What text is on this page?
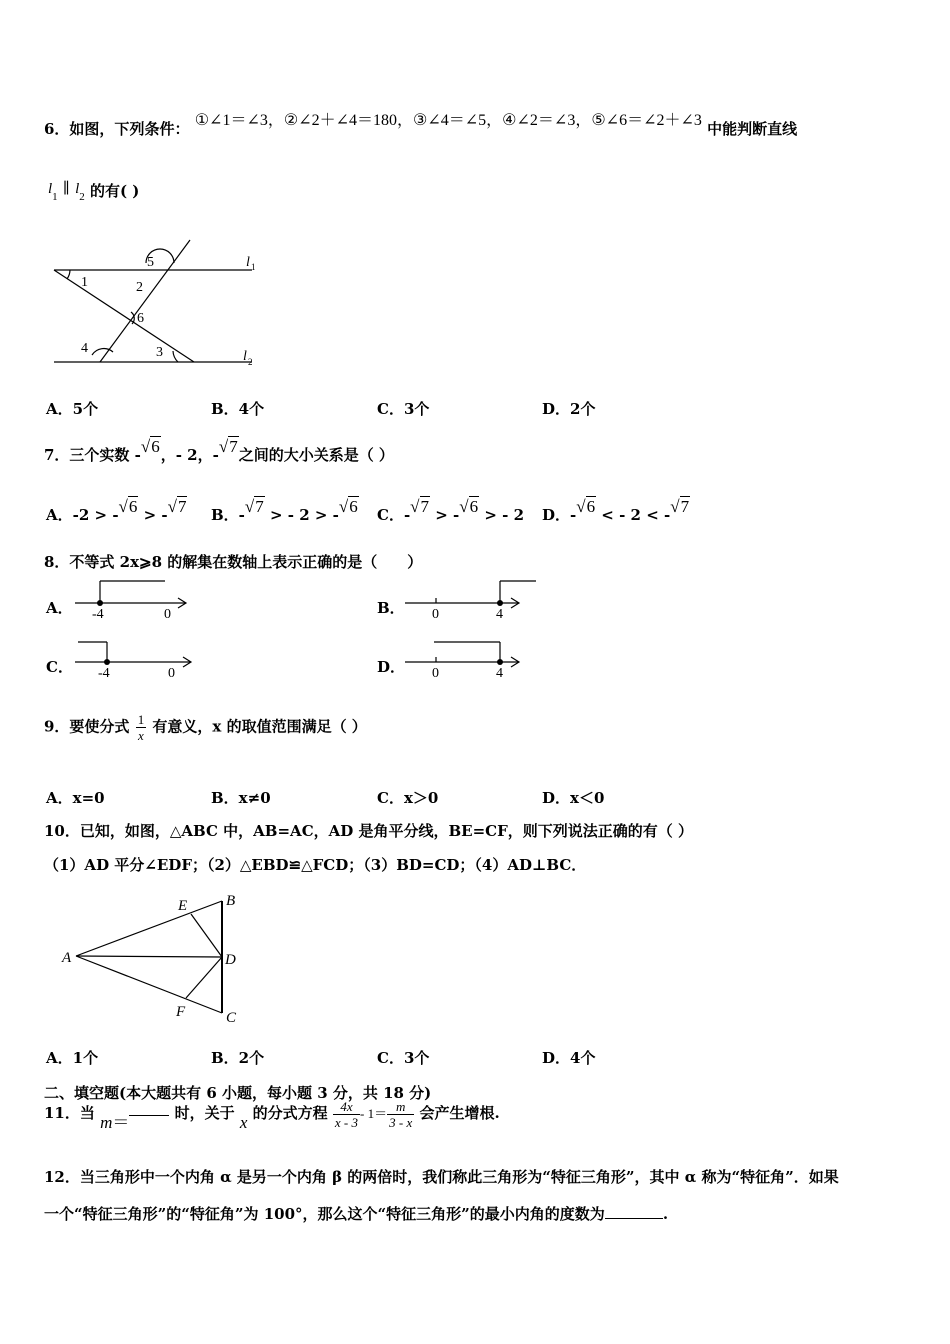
6．如图，下列条件： ①∠1＝∠3，②∠2＋∠4＝180，③∠4＝∠5，④∠2＝∠3，⑤∠6＝∠2＋∠3 中能判断直线
$l_1$ ∥ $l_2$ 的有( )
5	l 1
1	2
6
4	3	l 2
A．5个	B．4个	C．3个	D．2个
7．三个实数 -√6，- 2，-√7之间的大小关系是（ ）
A．-2 > -√6 > -√7 B．-√7 > - 2 > -√6 C．-√7 > -√6 > - 2 D．-√6 < - 2 < -√7
8．不等式 2x⩾8 的解集在数轴上表示正确的是（　　）
A． -4	0	B． 0	4
C． -4	0	D． 0	4
9．要使分式 $\frac{1}{x}$ 有意义，x 的取值范围满足（ ）
A．x=0	B．x≠0	C．x＞0	D．x＜0
10．已知，如图，△ABC 中，AB=AC，AD 是角平分线，BE=CF，则下列说法正确的有（ ）
（1）AD 平分∠EDF；（2）△EBD≌△FCD；（3）BD=CD；（4）AD⊥BC．
A
B
C
D
E
F
A．1个	B．2个	C．3个	D．4个
二、填空题(本大题共有 6 小题，每小题 3 分，共 18 分)
11．当 m＝	时，关于 x 的分式方程 $\frac{4x}{x - 3} - 1= \frac{m}{3 - x}$ 会产生增根.
12．当三角形中一个内角 α 是另一个内角 β 的两倍时，我们称此三角形为“特征三角形”，其中 α 称为“特征角”．如果
一个“特征三角形”的“特征角”为 100°，那么这个“特征三角形”的最小内角的度数为	.
